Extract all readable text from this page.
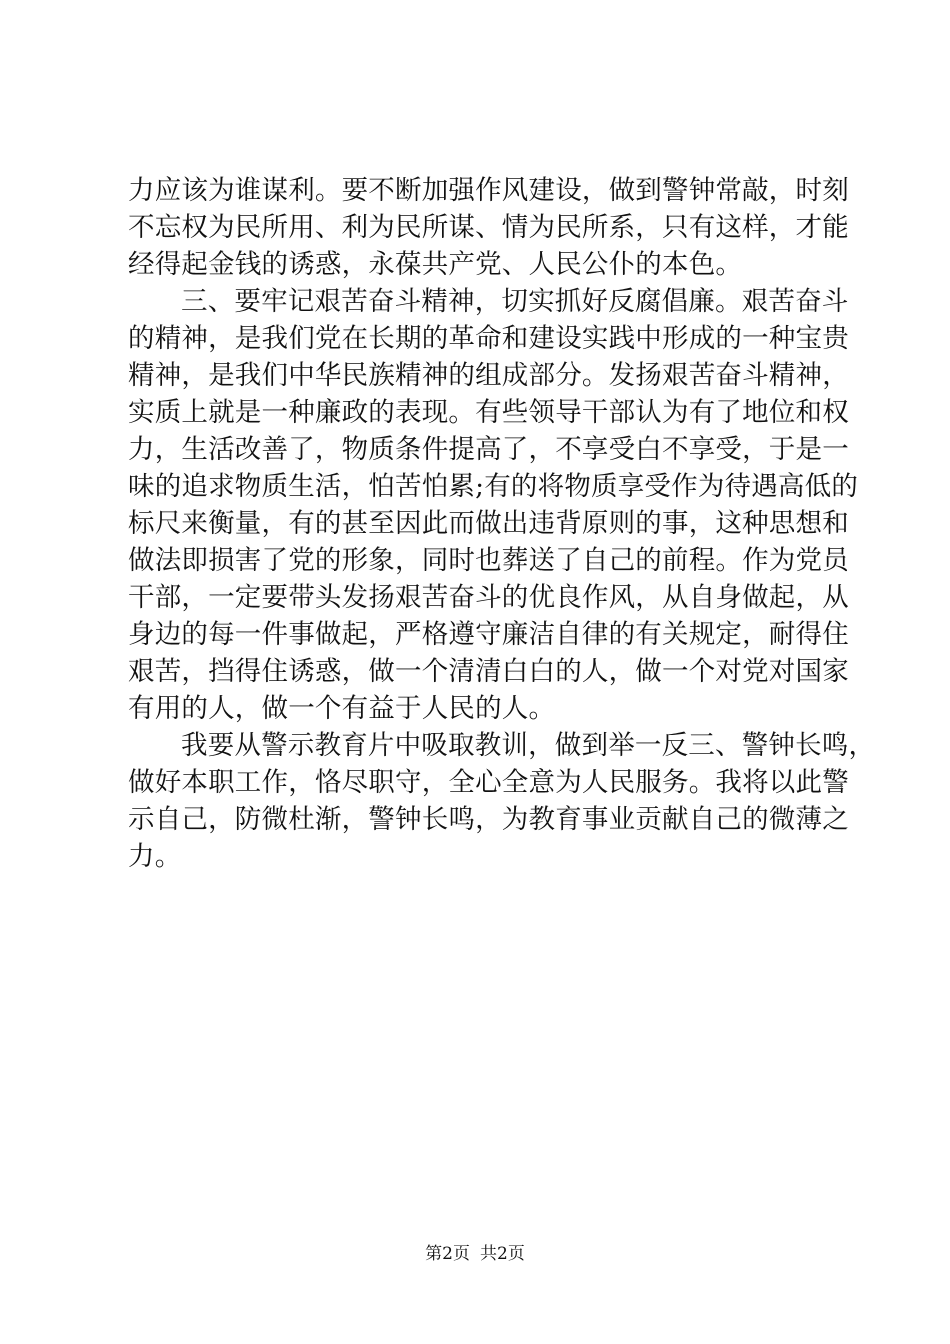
力应该为谁谋利。要不断加强作风建设，做到警钟常敲，时刻
不忘权为民所用、利为民所谋、情为民所系，只有这样，才能
经得起金钱的诱惑，永葆共产党、人民公仆的本色。
三、要牢记艰苦奋斗精神，切实抓好反腐倡廉。艰苦奋斗
的精神，是我们党在长期的革命和建设实践中形成的一种宝贵
精神，是我们中华民族精神的组成部分。发扬艰苦奋斗精神，
实质上就是一种廉政的表现。有些领导干部认为有了地位和权
力，生活改善了，物质条件提高了，不享受白不享受，于是一
味的追求物质生活，怕苦怕累;有的将物质享受作为待遇高低的
标尺来衡量，有的甚至因此而做出违背原则的事，这种思想和
做法即损害了党的形象，同时也葬送了自己的前程。作为党员
干部，一定要带头发扬艰苦奋斗的优良作风，从自身做起，从
身边的每一件事做起，严格遵守廉洁自律的有关规定，耐得住
艰苦，挡得住诱惑，做一个清清白白的人，做一个对党对国家
有用的人，做一个有益于人民的人。
我要从警示教育片中吸取教训，做到举一反三、警钟长鸣，
做好本职工作，恪尽职守，全心全意为人民服务。我将以此警
示自己，防微杜渐，警钟长鸣，为教育事业贡献自己的微薄之
力。
第2页 共2页
